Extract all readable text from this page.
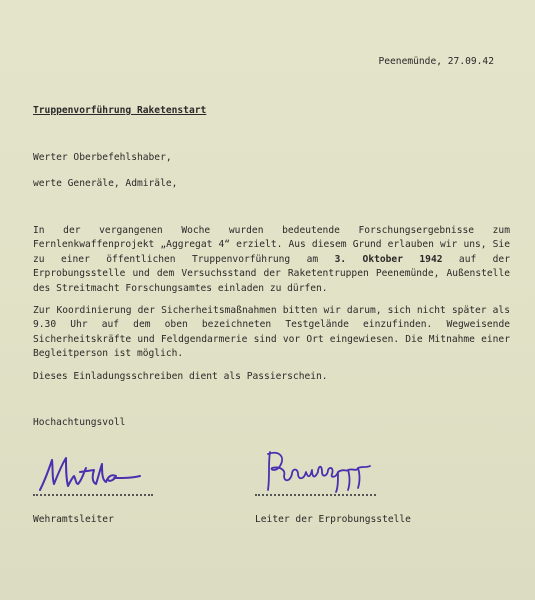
Peenemünde, 27.09.42
Truppenvorführung Raketenstart
Werter Oberbefehlshaber,
werte Generäle, Admiräle,
In der vergangenen Woche wurden bedeutende Forschungsergebnisse zum Fernlenkwaffenprojekt „Aggregat 4“ erzielt. Aus diesem Grund erlauben wir uns, Sie zu einer öffentlichen Truppenvorführung am 3. Oktober 1942 auf der Erprobungsstelle und dem Versuchsstand der Raketentruppen Peenemünde, Außenstelle des Streitmacht Forschungsamtes einladen zu dürfen.
Zur Koordinierung der Sicherheitsmaßnahmen bitten wir darum, sich nicht später als 9.30 Uhr auf dem oben bezeichneten Testgelände einzufinden. Wegweisende Sicherheitskräfte und Feldgendarmerie sind vor Ort eingewiesen. Die Mitnahme einer Begleitperson ist möglich.
Dieses Einladungsschreiben dient als Passierschein.
Hochachtungsvoll
Wehramtsleiter	Leiter der Erprobungsstelle
